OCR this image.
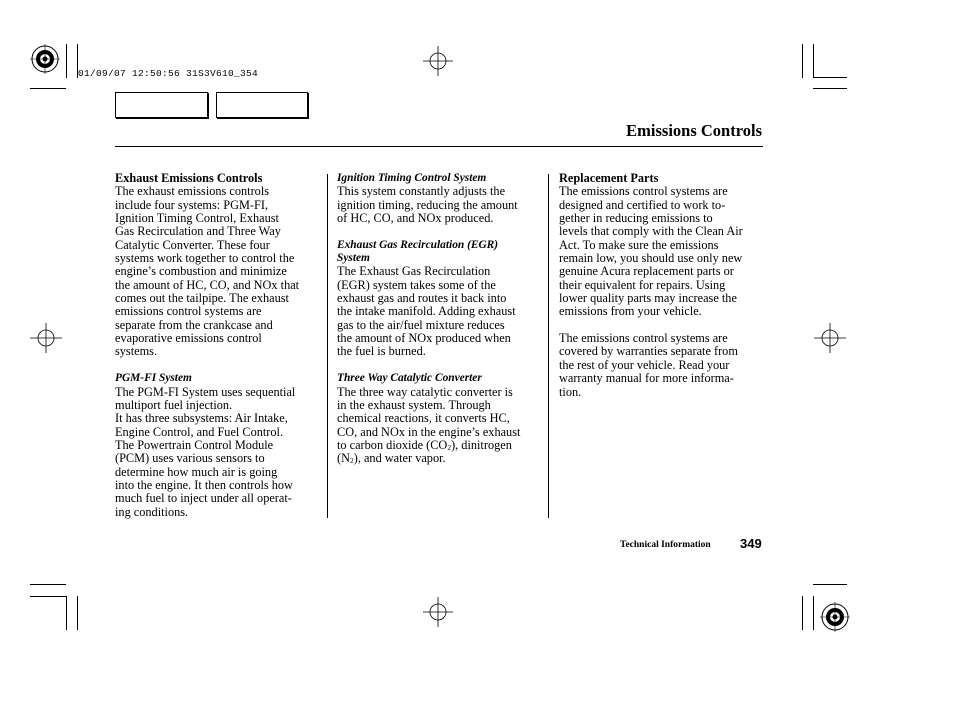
01/09/07 12:50:56 31S3V610_354
Emissions Controls
Exhaust Emissions Controls

The exhaust emissions controls
include four systems: PGM-FI,
Ignition Timing Control, Exhaust
Gas Recirculation and Three Way
Catalytic Converter. These four
systems work together to control the
engine’s combustion and minimize
the amount of HC, CO, and NOx that
comes out the tailpipe. The exhaust
emissions control systems are
separate from the crankcase and
evaporative emissions control
systems.

PGM-FI System

The PGM-FI System uses sequential
multiport fuel injection.
It has three subsystems: Air Intake,
Engine Control, and Fuel Control.
The Powertrain Control Module
(PCM) uses various sensors to
determine how much air is going
into the engine. It then controls how
much fuel to inject under all operat-
ing conditions.

Ignition Timing Control System

This system constantly adjusts the
ignition timing, reducing the amount
of HC, CO, and NOx produced.

Exhaust Gas Recirculation (EGR)
System

The Exhaust Gas Recirculation
(EGR) system takes some of the
exhaust gas and routes it back into
the intake manifold. Adding exhaust
gas to the air/fuel mixture reduces
the amount of NOx produced when
the fuel is burned.

Three Way Catalytic Converter

The three way catalytic converter is
in the exhaust system. Through
chemical reactions, it converts HC,
CO, and NOx in the engine’s exhaust
to carbon dioxide $(CO_2)$, dinitrogen
$(N_2)$, and water vapor.

Replacement Parts

The emissions control systems are
designed and certified to work to-
gether in reducing emissions to
levels that comply with the Clean Air
Act. To make sure the emissions
remain low, you should use only new
genuine Acura replacement parts or
their equivalent for repairs. Using
lower quality parts may increase the
emissions from your vehicle.

The emissions control systems are
covered by warranties separate from
the rest of your vehicle. Read your
warranty manual for more informa-
tion.

Technical Information 349
